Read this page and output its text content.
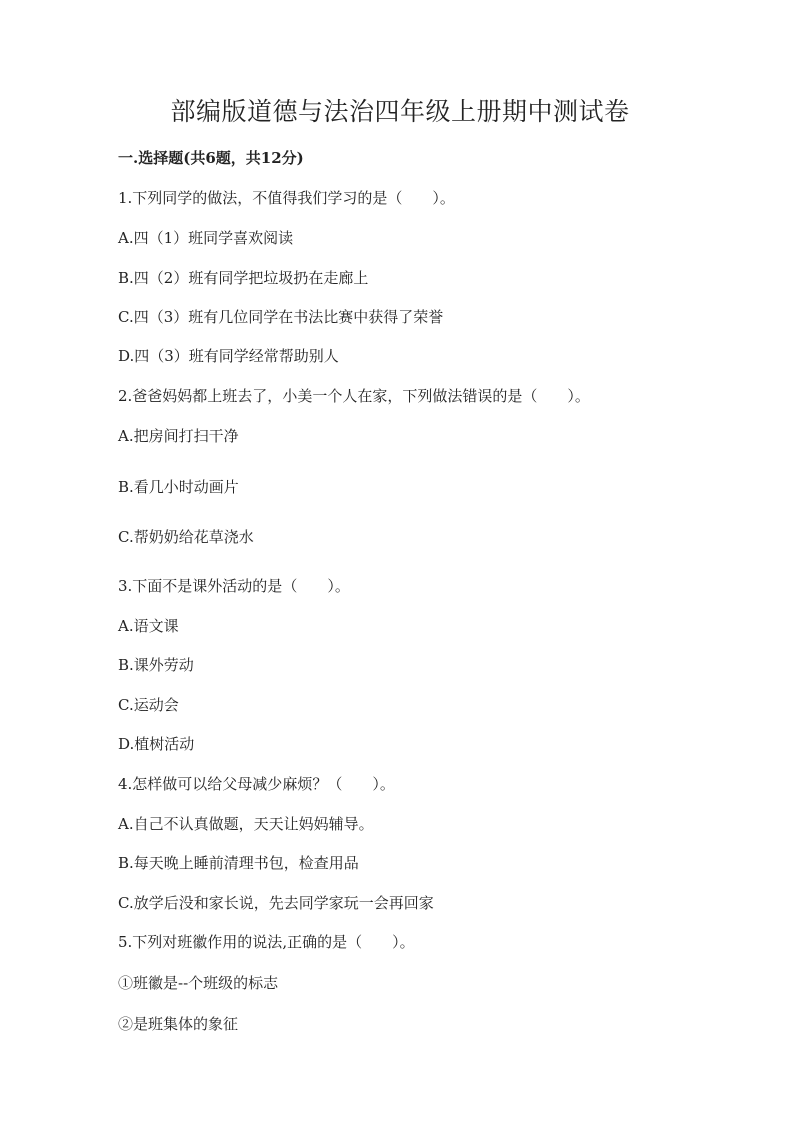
部编版道德与法治四年级上册期中测试卷
一.选择题(共6题，共12分)
1.下列同学的做法，不值得我们学习的是（　　）。
A.四（1）班同学喜欢阅读
B.四（2）班有同学把垃圾扔在走廊上
C.四（3）班有几位同学在书法比赛中获得了荣誉
D.四（3）班有同学经常帮助别人
2.爸爸妈妈都上班去了，小美一个人在家，下列做法错误的是（　　）。
A.把房间打扫干净
B.看几小时动画片
C.帮奶奶给花草浇水
3.下面不是课外活动的是（　　）。
A.语文课
B.课外劳动
C.运动会
D.植树活动
4.怎样做可以给父母减少麻烦？（　　）。
A.自己不认真做题，天天让妈妈辅导。
B.每天晚上睡前清理书包，检查用品
C.放学后没和家长说，先去同学家玩一会再回家
5.下列对班徽作用的说法,正确的是（　　）。
①班徽是--个班级的标志
②是班集体的象征
